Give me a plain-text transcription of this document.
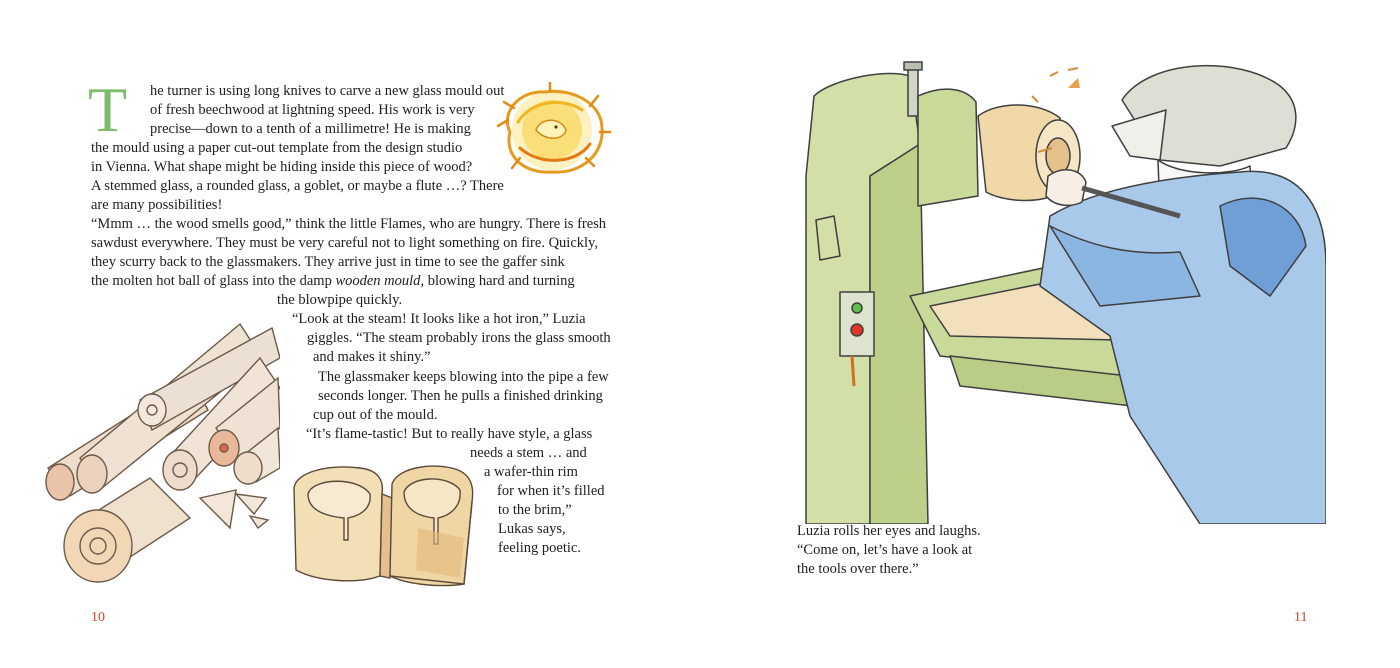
T he turner is using long knives to carve a new glass mould out
of fresh beechwood at lightning speed. His work is very
precise—down to a tenth of a millimetre! He is making
the mould using a paper cut-out template from the design studio
in Vienna. What shape might be hiding inside this piece of wood?
A stemmed glass, a rounded glass, a goblet, or maybe a flute …? There
are many possibilities!
“Mmm … the wood smells good,” think the little Flames, who are hungry. There is fresh
sawdust everywhere. They must be very careful not to light something on fire. Quickly,
they scurry back to the glassmakers. They arrive just in time to see the gaffer sink
the molten hot ball of glass into the damp wooden mould, blowing hard and turning
the blowpipe quickly.
“Look at the steam! It looks like a hot iron,” Luzia
giggles. “The steam probably irons the glass smooth
and makes it shiny.”
The glassmaker keeps blowing into the pipe a few
seconds longer. Then he pulls a finished drinking
cup out of the mould.
“It’s flame-tastic! But to really have style, a glass
needs a stem … and
a wafer-thin rim
for when it’s filled
to the brim,”
Lukas says,
feeling poetic.
10
Luzia rolls her eyes and laughs.
“Come on, let’s have a look at
the tools over there.”
11
